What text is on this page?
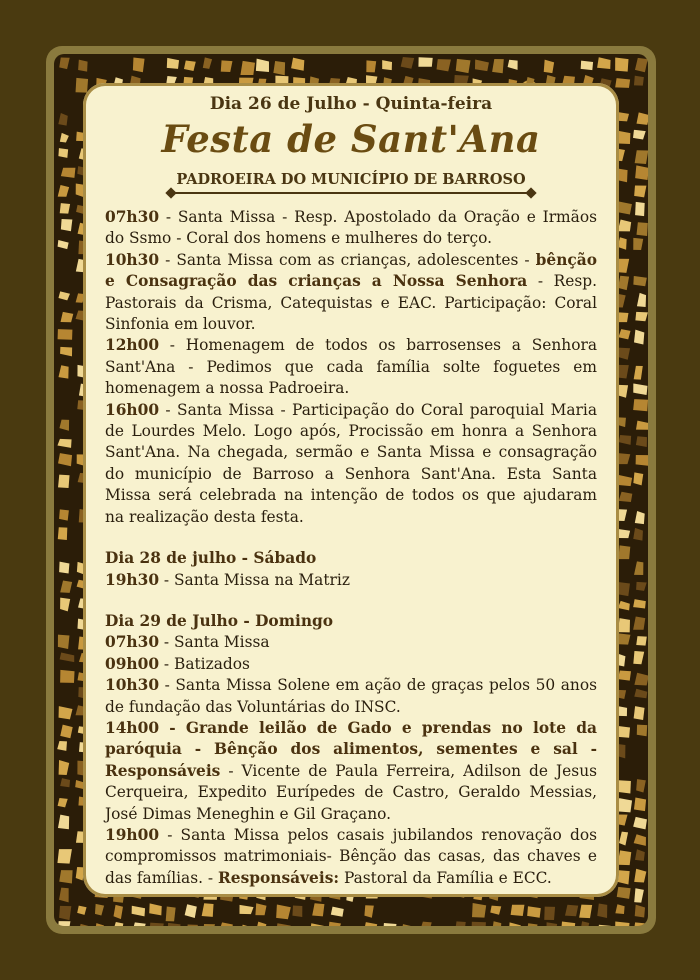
Dia 26 de Julho - Quinta-feira
Festa de Sant'Ana
PADROEIRA DO MUNICÍPIO DE BARROSO

07h30 - Santa Missa - Resp. Apostolado da Oração e Irmãos do Ssmo - Coral dos homens e mulheres do terço.

10h30 - Santa Missa com as crianças, adolescentes - bênção e Consagração das crianças a Nossa Senhora - Resp. Pastorais da Crisma, Catequistas e EAC. Participação: Coral Sinfonia em louvor.

12h00 - Homenagem de todos os barrosenses a Senhora Sant'Ana - Pedimos que cada família solte foguetes em homenagem a nossa Padroeira.

16h00 - Santa Missa - Participação do Coral paroquial Maria de Lourdes Melo. Logo após, Procissão em honra a Senhora Sant'Ana. Na chegada, sermão e Santa Missa e consagração do município de Barroso a Senhora Sant'Ana. Esta Santa Missa será celebrada na intenção de todos os que ajudaram na realização desta festa.

Dia 28 de julho - Sábado

19h30 - Santa Missa na Matriz

Dia 29 de Julho - Domingo

07h30 - Santa Missa

09h00 - Batizados

10h30 - Santa Missa Solene em ação de graças pelos 50 anos de fundação das Voluntárias do INSC.

14h00 - Grande leilão de Gado e prendas no lote da paróquia - Bênção dos alimentos, sementes e sal - Responsáveis - Vicente de Paula Ferreira, Adilson de Jesus Cerqueira, Expedito Eurípedes de Castro, Geraldo Messias, José Dimas Meneghin e Gil Graçano.

19h00 - Santa Missa pelos casais jubilandos renovação dos compromissos matrimoniais- Bênção das casas, das chaves e das famílias. - Responsáveis: Pastoral da Família e ECC.
